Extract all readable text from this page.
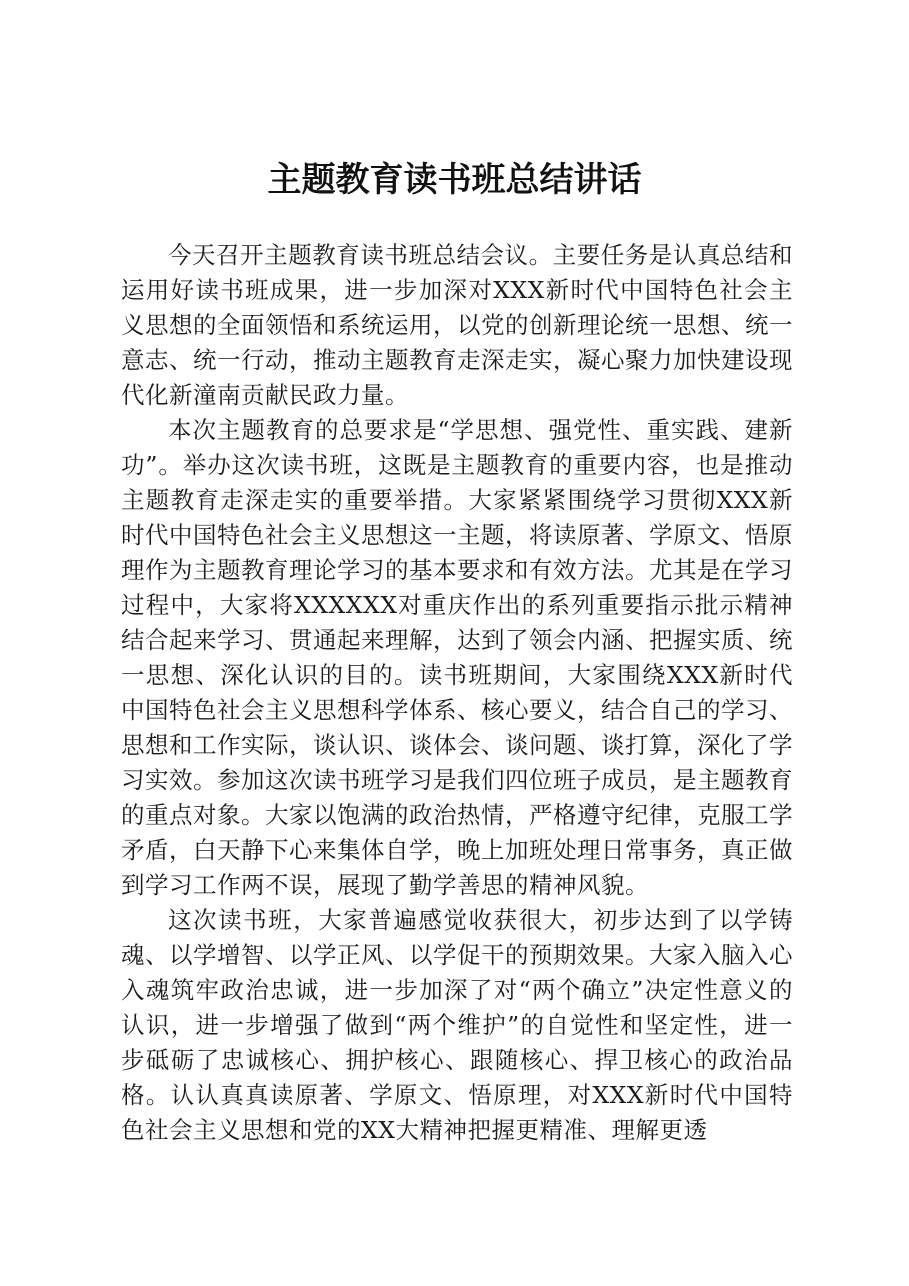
主题教育读书班总结讲话

今天召开主题教育读书班总结会议。主要任务是认真总结和运用好读书班成果，进一步加深对XXX新时代中国特色社会主义思想的全面领悟和系统运用，以党的创新理论统一思想、统一意志、统一行动，推动主题教育走深走实，凝心聚力加快建设现代化新潼南贡献民政力量。

本次主题教育的总要求是“学思想、强党性、重实践、建新功”。举办这次读书班，这既是主题教育的重要内容，也是推动主题教育走深走实的重要举措。大家紧紧围绕学习贯彻XXX新时代中国特色社会主义思想这一主题，将读原著、学原文、悟原理作为主题教育理论学习的基本要求和有效方法。尤其是在学习过程中，大家将XXXXXX对重庆作出的系列重要指示批示精神结合起来学习、贯通起来理解，达到了领会内涵、把握实质、统一思想、深化认识的目的。读书班期间，大家围绕XXX新时代中国特色社会主义思想科学体系、核心要义，结合自己的学习、思想和工作实际，谈认识、谈体会、谈问题、谈打算，深化了学习实效。参加这次读书班学习是我们四位班子成员，是主题教育的重点对象。大家以饱满的政治热情，严格遵守纪律，克服工学矛盾，白天静下心来集体自学，晚上加班处理日常事务，真正做到学习工作两不误，展现了勤学善思的精神风貌。

这次读书班，大家普遍感觉收获很大，初步达到了以学铸魂、以学增智、以学正风、以学促干的预期效果。大家入脑入心入魂筑牢政治忠诚，进一步加深了对“两个确立”决定性意义的认识，进一步增强了做到“两个维护”的自觉性和坚定性，进一步砥砺了忠诚核心、拥护核心、跟随核心、捍卫核心的政治品格。认认真真读原著、学原文、悟原理，对XXX新时代中国特色社会主义思想和党的XX大精神把握更精准、理解更透
